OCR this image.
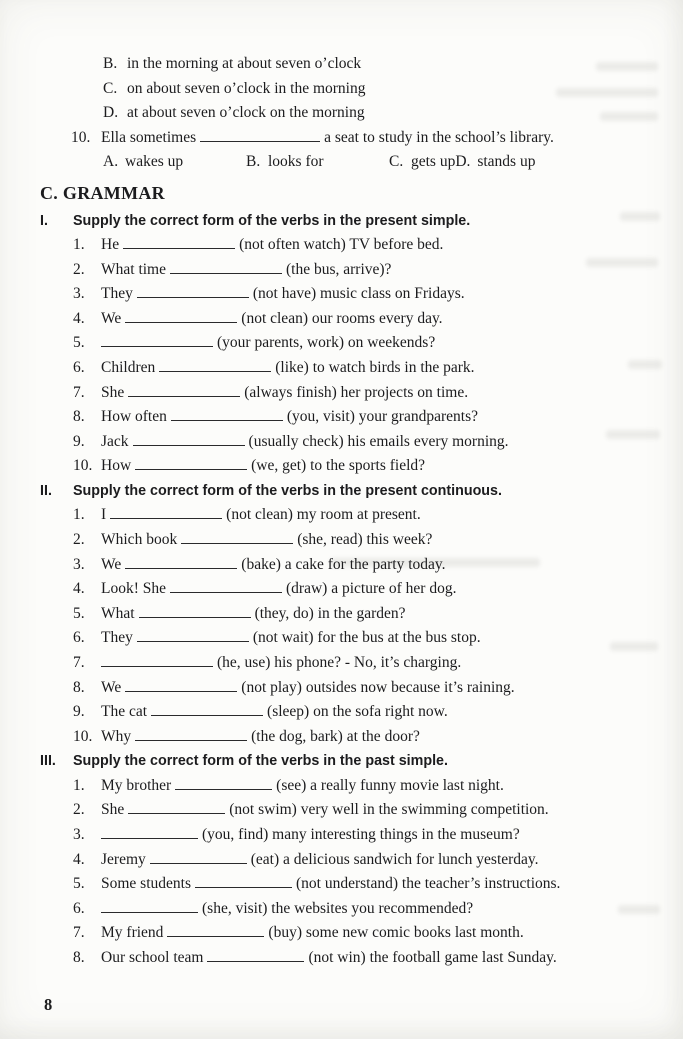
B. in the morning at about seven o’clock
C. on about seven o’clock in the morning
D. at about seven o’clock on the morning
10. Ella sometimes	a seat to study in the school’s library.
A. wakes up	B. looks for	C. gets up D. stands up
C. GRAMMAR
I.	Supply the correct form of the verbs in the present simple.
1. He	(not often watch) TV before bed.
2. What time	(the bus, arrive)?
3. They	(not have) music class on Fridays.
4. We	(not clean) our rooms every day.
5.	(your parents, work) on weekends?
6. Children	(like) to watch birds in the park.
7. She	(always finish) her projects on time.
8. How often	(you, visit) your grandparents?
9. Jack	(usually check) his emails every morning.
10. How	(we, get) to the sports field?
II.	Supply the correct form of the verbs in the present continuous.
1. I	(not clean) my room at present.
2. Which book	(she, read) this week?
3. We	(bake) a cake for the party today.
4. Look! She	(draw) a picture of her dog.
5. What	(they, do) in the garden?
6. They	(not wait) for the bus at the bus stop.
7.	(he, use) his phone? - No, it’s charging.
8. We	(not play) outsides now because it’s raining.
9. The cat	(sleep) on the sofa right now.
10. Why	(the dog, bark) at the door?
III.	Supply the correct form of the verbs in the past simple.
1. My brother	(see) a really funny movie last night.
2. She	(not swim) very well in the swimming competition.
3.	(you, find) many interesting things in the museum?
4. Jeremy	(eat) a delicious sandwich for lunch yesterday.
5. Some students	(not understand) the teacher’s instructions.
6.	(she, visit) the websites you recommended?
7. My friend	(buy) some new comic books last month.
8. Our school team	(not win) the football game last Sunday.
8
